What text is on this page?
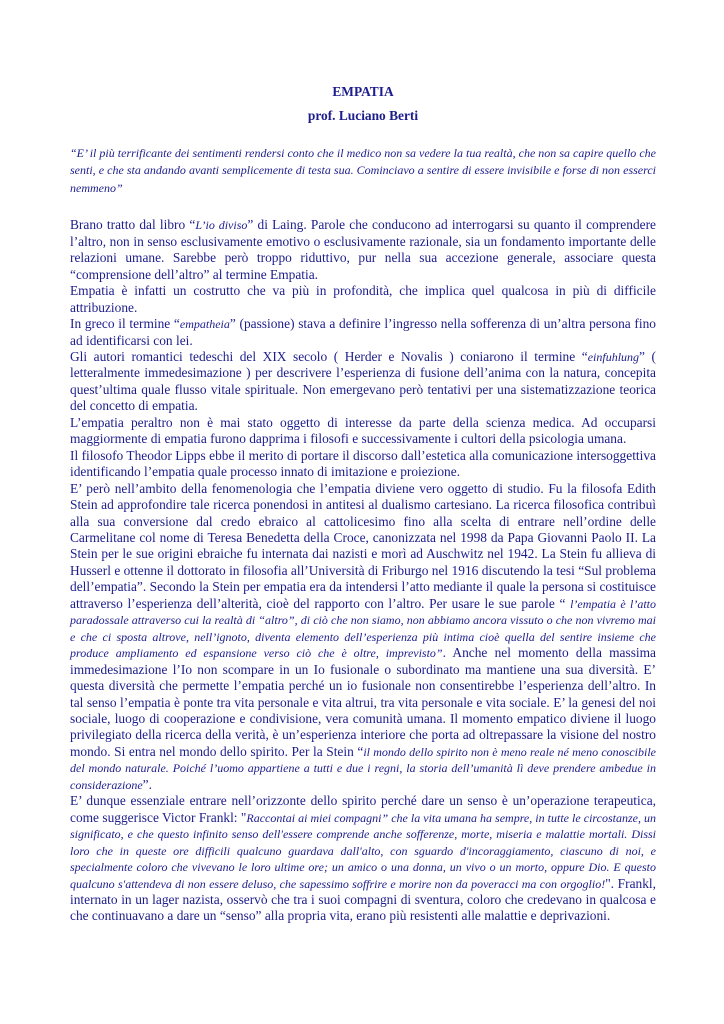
EMPATIA

prof. Luciano Berti

“E’ il più terrificante dei sentimenti rendersi conto che il medico non sa vedere la tua realtà, che non sa capire quello che senti, e che sta andando avanti semplicemente di testa sua. Cominciavo a sentire di essere invisibile e forse di non esserci nemmeno”

Brano tratto dal libro “L’io diviso” di Laing. Parole che conducono ad interrogarsi su quanto il comprendere l’altro, non in senso esclusivamente emotivo o esclusivamente razionale, sia un fondamento importante delle relazioni umane. Sarebbe però troppo riduttivo, pur nella sua accezione generale, associare questa “comprensione dell’altro” al termine Empatia.

Empatia è infatti un costrutto che va più in profondità, che implica quel qualcosa in più di difficile attribuzione.

In greco il termine “empatheia” (passione) stava a definire l’ingresso nella sofferenza di un’altra persona fino ad identificarsi con lei.

Gli autori romantici tedeschi del XIX secolo ( Herder e Novalis ) coniarono il termine “einfuhlung” ( letteralmente immedesimazione ) per descrivere l’esperienza di fusione dell’anima con la natura, concepita quest’ultima quale flusso vitale spirituale. Non emergevano però tentativi per una sistematizzazione teorica del concetto di empatia.

L’empatia peraltro non è mai stato oggetto di interesse da parte della scienza medica. Ad occuparsi maggiormente di empatia furono dapprima i filosofi e successivamente i cultori della psicologia umana.

Il filosofo Theodor Lipps ebbe il merito di portare il discorso dall’estetica alla comunicazione intersoggettiva identificando l’empatia quale processo innato di imitazione e proiezione.

E’ però nell’ambito della fenomenologia che l’empatia diviene vero oggetto di studio. Fu la filosofa Edith Stein ad approfondire tale ricerca ponendosi in antitesi al dualismo cartesiano. La ricerca filosofica contribuì alla sua conversione dal credo ebraico al cattolicesimo fino alla scelta di entrare nell’ordine delle Carmelitane col nome di Teresa Benedetta della Croce, canonizzata nel 1998 da Papa Giovanni Paolo II. La Stein per le sue origini ebraiche fu internata dai nazisti e morì ad Auschwitz nel 1942. La Stein fu allieva di Husserl e ottenne il dottorato in filosofia all’Università di Friburgo nel 1916 discutendo la tesi “Sul problema dell’empatia”. Secondo la Stein per empatia era da intendersi l’atto mediante il quale la persona si costituisce attraverso l’esperienza dell’alterità, cioè del rapporto con l’altro. Per usare le sue parole “ l’empatia è l’atto paradossale attraverso cui la realtà di “altro”, di ciò che non siamo, non abbiamo ancora vissuto o che non vivremo mai e che ci sposta altrove, nell’ignoto, diventa elemento dell’esperienza più intima cioè quella del sentire insieme che produce ampliamento ed espansione verso ciò che è oltre, imprevisto”. Anche nel momento della massima immedesimazione l’Io non scompare in un Io fusionale o subordinato ma mantiene una sua diversità. E’ questa diversità che permette l’empatia perché un io fusionale non consentirebbe l’esperienza dell’altro. In tal senso l’empatia è ponte tra vita personale e vita altrui, tra vita personale e vita sociale. E’ la genesi del noi sociale, luogo di cooperazione e condivisione, vera comunità umana. Il momento empatico diviene il luogo privilegiato della ricerca della verità, è un’esperienza interiore che porta ad oltrepassare la visione del nostro mondo. Si entra nel mondo dello spirito. Per la Stein “il mondo dello spirito non è meno reale né meno conoscibile del mondo naturale. Poiché l’uomo appartiene a tutti e due i regni, la storia dell’umanità lì deve prendere ambedue in considerazione”.

E’ dunque essenziale entrare nell’orizzonte dello spirito perché dare un senso è un’operazione terapeutica, come suggerisce Victor Frankl: "Raccontai ai miei compagni” che la vita umana ha sempre, in tutte le circostanze, un significato, e che questo infinito senso dell'essere comprende anche sofferenze, morte, miseria e malattie mortali. Dissi loro che in queste ore difficili qualcuno guardava dall'alto, con sguardo d'incoraggiamento, ciascuno di noi, e specialmente coloro che vivevano le loro ultime ore; un amico o una donna, un vivo o un morto, oppure Dio. E questo qualcuno s'attendeva di non essere deluso, che sapessimo soffrire e morire non da poveracci ma con orgoglio!". Frankl, internato in un lager nazista, osservò che tra i suoi compagni di sventura, coloro che credevano in qualcosa e che continuavano a dare un “senso” alla propria vita, erano più resistenti alle malattie e deprivazioni.
